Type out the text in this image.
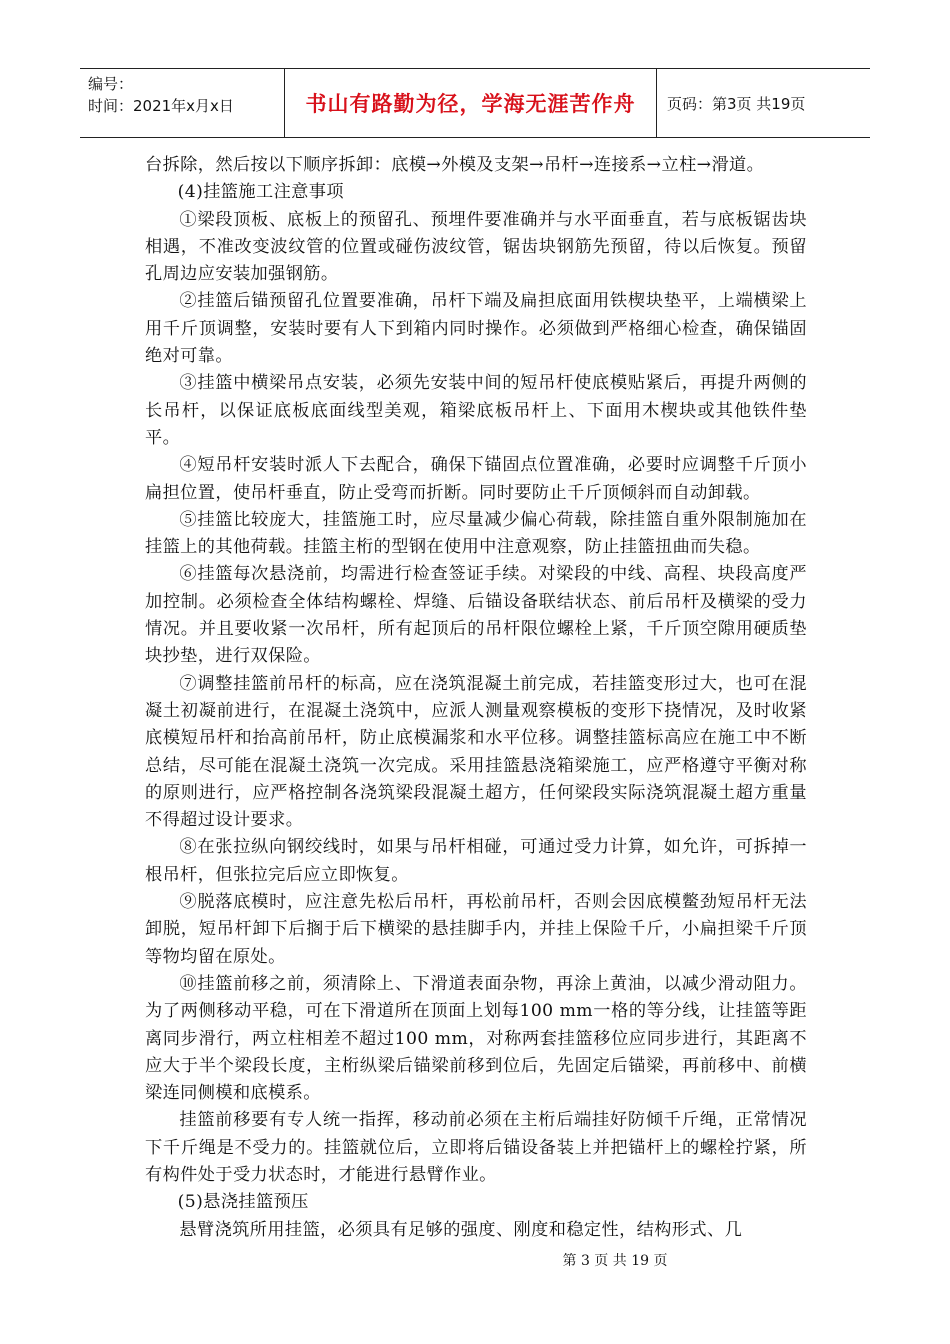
编号：
时间：2021年x月x日	书山有路勤为径，学海无涯苦作舟	页码：第3页 共19页

台拆除，然后按以下顺序拆卸：底模→外模及支架→吊杆→连接系→立柱→滑道。

(4)挂篮施工注意事项

①梁段顶板、底板上的预留孔、预埋件要准确并与水平面垂直，若与底板锯齿块相遇，不准改变波纹管的位置或碰伤波纹管，锯齿块钢筋先预留，待以后恢复。预留孔周边应安装加强钢筋。

②挂篮后锚预留孔位置要准确，吊杆下端及扁担底面用铁楔块垫平，上端横梁上用千斤顶调整，安装时要有人下到箱内同时操作。必须做到严格细心检查，确保锚固绝对可靠。

③挂篮中横梁吊点安装，必须先安装中间的短吊杆使底模贴紧后，再提升两侧的长吊杆，以保证底板底面线型美观，箱梁底板吊杆上、下面用木楔块或其他铁件垫平。

④短吊杆安装时派人下去配合，确保下锚固点位置准确，必要时应调整千斤顶小扁担位置，使吊杆垂直，防止受弯而折断。同时要防止千斤顶倾斜而自动卸载。

⑤挂篮比较庞大，挂篮施工时，应尽量减少偏心荷载，除挂篮自重外限制施加在挂篮上的其他荷载。挂篮主桁的型钢在使用中注意观察，防止挂篮扭曲而失稳。

⑥挂篮每次悬浇前，均需进行检查签证手续。对梁段的中线、高程、块段高度严加控制。必须检查全体结构螺栓、焊缝、后锚设备联结状态、前后吊杆及横梁的受力情况。并且要收紧一次吊杆，所有起顶后的吊杆限位螺栓上紧，千斤顶空隙用硬质垫块抄垫，进行双保险。

⑦调整挂篮前吊杆的标高，应在浇筑混凝土前完成，若挂篮变形过大，也可在混凝土初凝前进行，在混凝土浇筑中，应派人测量观察模板的变形下挠情况，及时收紧底模短吊杆和抬高前吊杆，防止底模漏浆和水平位移。调整挂篮标高应在施工中不断总结，尽可能在混凝土浇筑一次完成。采用挂篮悬浇箱梁施工，应严格遵守平衡对称的原则进行，应严格控制各浇筑梁段混凝土超方，任何梁段实际浇筑混凝土超方重量不得超过设计要求。

⑧在张拉纵向钢绞线时，如果与吊杆相碰，可通过受力计算，如允许，可拆掉一根吊杆，但张拉完后应立即恢复。

⑨脱落底模时，应注意先松后吊杆，再松前吊杆，否则会因底模鳖劲短吊杆无法卸脱，短吊杆卸下后搁于后下横梁的悬挂脚手内，并挂上保险千斤，小扁担梁千斤顶等物均留在原处。

⑩挂篮前移之前，须清除上、下滑道表面杂物，再涂上黄油，以减少滑动阻力。为了两侧移动平稳，可在下滑道所在顶面上划每100 mm一格的等分线，让挂篮等距离同步滑行，两立柱相差不超过100 mm，对称两套挂篮移位应同步进行，其距离不应大于半个梁段长度，主桁纵梁后锚梁前移到位后，先固定后锚梁，再前移中、前横梁连同侧模和底模系。

挂篮前移要有专人统一指挥，移动前必须在主桁后端挂好防倾千斤绳，正常情况下千斤绳是不受力的。挂篮就位后，立即将后锚设备装上并把锚杆上的螺栓拧紧，所有构件处于受力状态时，才能进行悬臂作业。

(5)悬浇挂篮预压

悬臂浇筑所用挂篮，必须具有足够的强度、刚度和稳定性，结构形式、几

第 3 页 共 19 页
